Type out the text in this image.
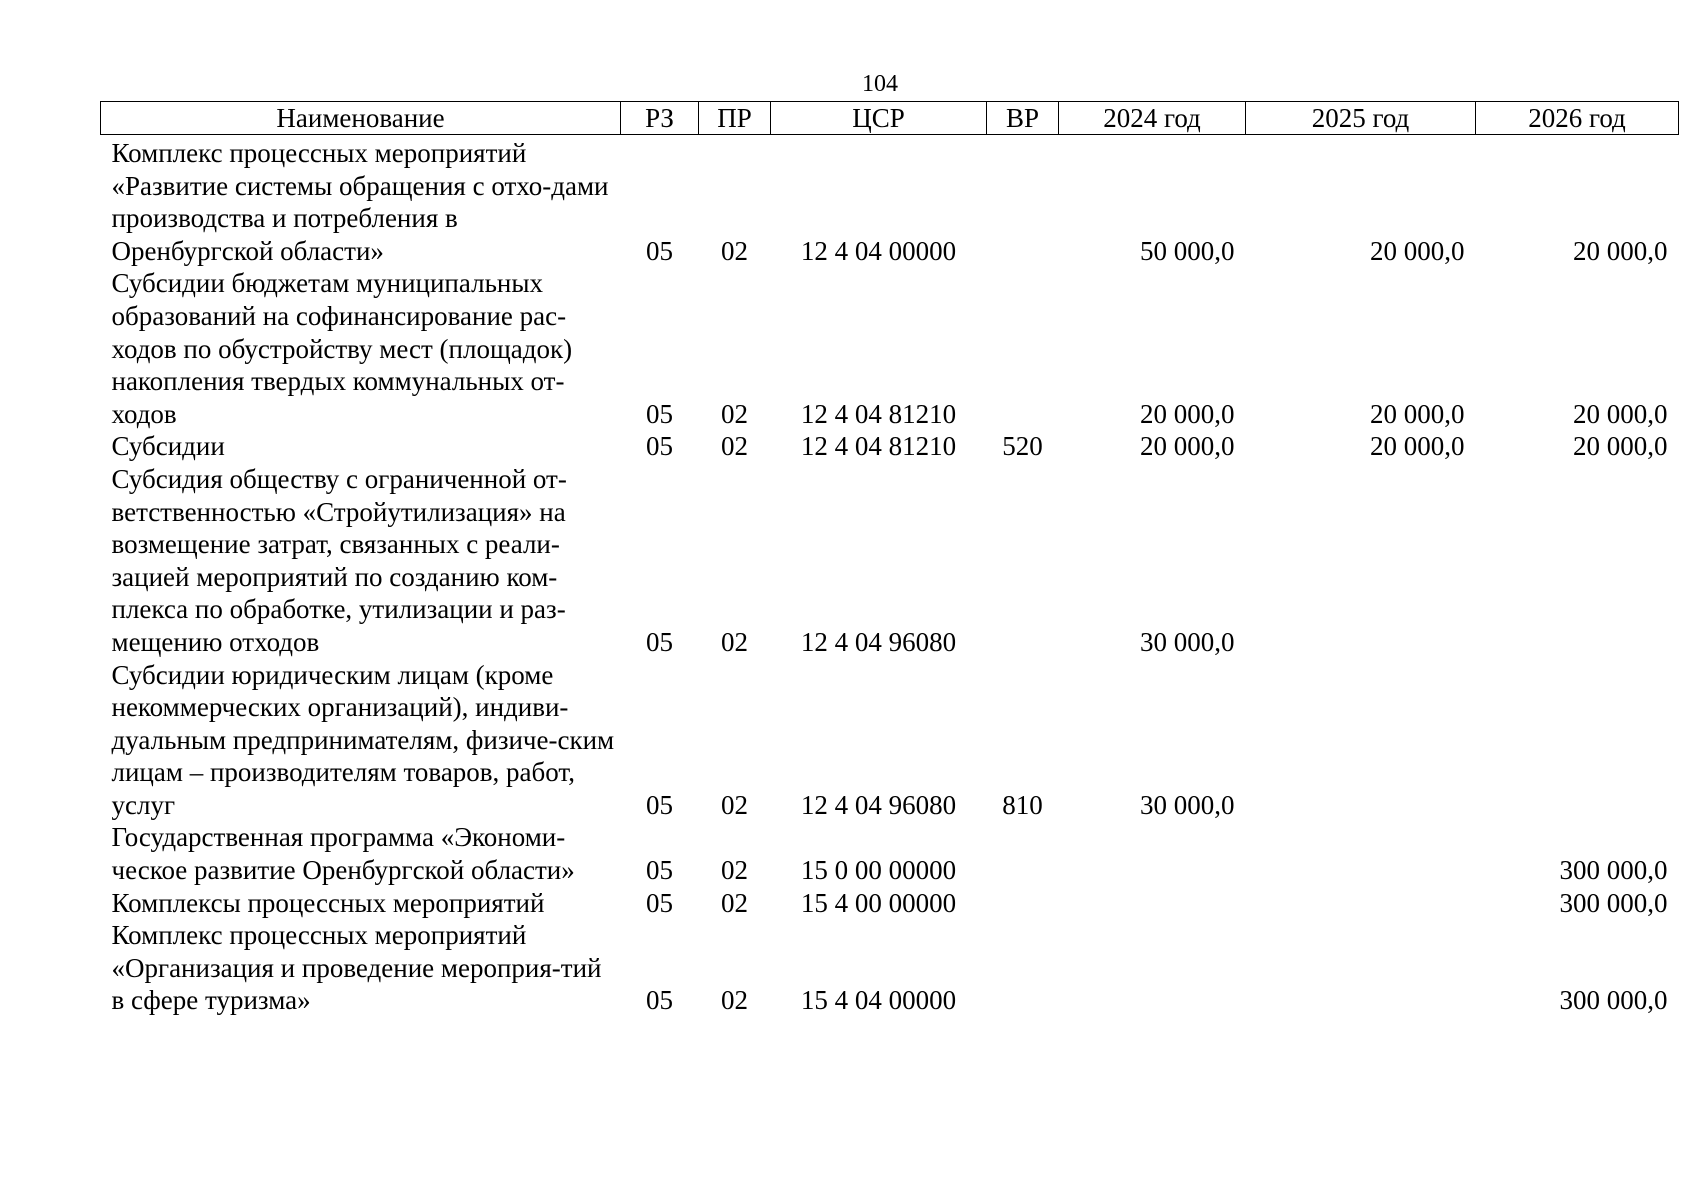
104
Наименование	РЗ	ПР	ЦСР	ВР	2024 год	2025 год	2026 год
Комплекс процессных мероприятий «Развитие системы обращения с отхо-дами производства и потребления в Оренбургской области»	05	02	12 4 04 00000		50 000,0	20 000,0	20 000,0
Субсидии бюджетам муниципальных образований на софинансирование рас-ходов по обустройству мест (площадок) накопления твердых коммунальных от-ходов	05	02	12 4 04 81210		20 000,0	20 000,0	20 000,0
Субсидии	05	02	12 4 04 81210	520	20 000,0	20 000,0	20 000,0
Субсидия обществу с ограниченной от-ветственностью «Стройутилизация» на возмещение затрат, связанных с реали-зацией мероприятий по созданию ком-плекса по обработке, утилизации и раз-мещению отходов	05	02	12 4 04 96080		30 000,0		
Субсидии юридическим лицам (кроме некоммерческих организаций), индиви-дуальным предпринимателям, физиче-ским лицам – производителям товаров, работ, услуг	05	02	12 4 04 96080	810	30 000,0		
Государственная программа «Экономи-ческое развитие Оренбургской области»	05	02	15 0 00 00000				300 000,0
Комплексы процессных мероприятий	05	02	15 4 00 00000				300 000,0
Комплекс процессных мероприятий «Организация и проведение мероприя-тий в сфере туризма»	05	02	15 4 04 00000				300 000,0
